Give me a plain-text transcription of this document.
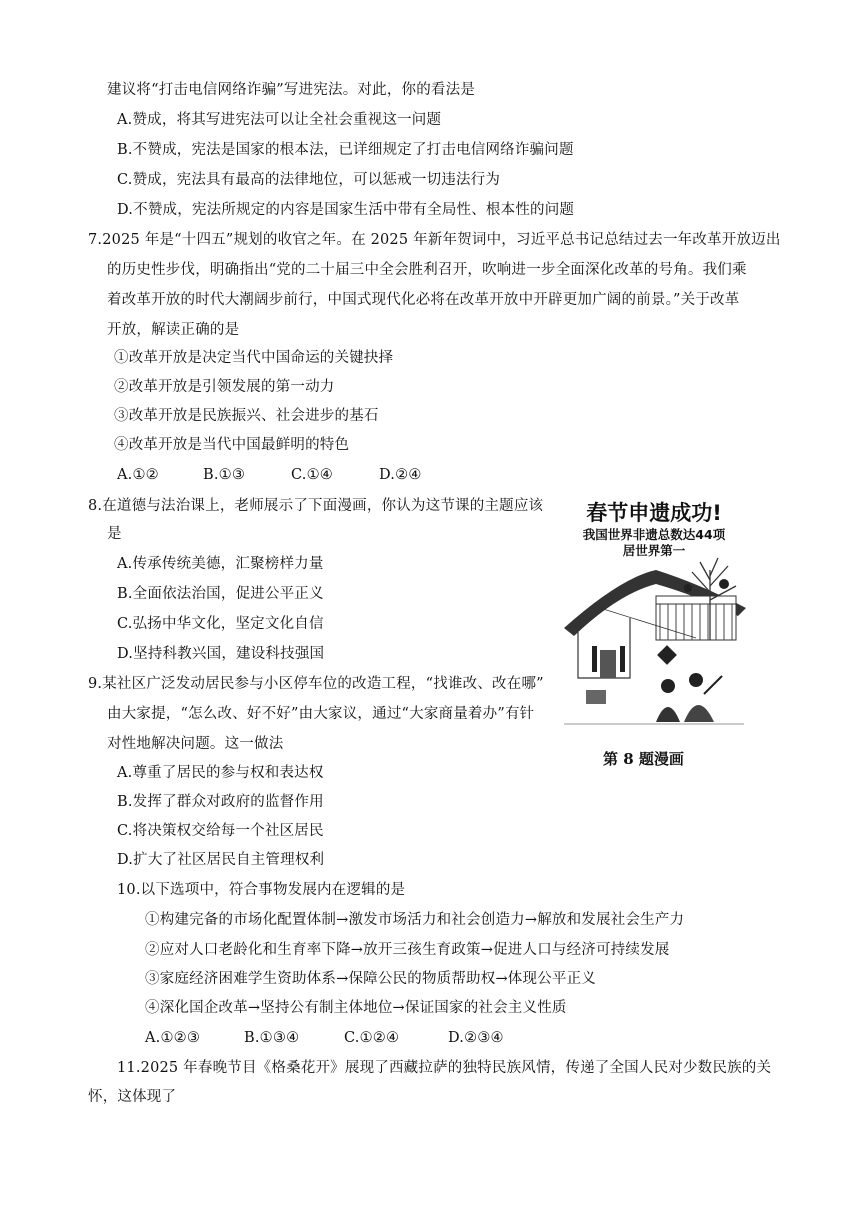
建议将“打击电信网络诈骗”写进宪法。对此，你的看法是
A.赞成，将其写进宪法可以让全社会重视这一问题
B.不赞成，宪法是国家的根本法，已详细规定了打击电信网络诈骗问题
C.赞成，宪法具有最高的法律地位，可以惩戒一切违法行为
D.不赞成，宪法所规定的内容是国家生活中带有全局性、根本性的问题
7.2025 年是“十四五”规划的收官之年。在 2025 年新年贺词中，习近平总书记总结过去一年改革开放迈出
的历史性步伐，明确指出“党的二十届三中全会胜利召开，吹响进一步全面深化改革的号角。我们乘
着改革开放的时代大潮阔步前行，中国式现代化必将在改革开放中开辟更加广阔的前景。”关于改革
开放，解读正确的是
①改革开放是决定当代中国命运的关键抉择
②改革开放是引领发展的第一动力
③改革开放是民族振兴、社会进步的基石
④改革开放是当代中国最鲜明的特色
A.①②	B.①③	C.①④	D.②④
8.在道德与法治课上，老师展示了下面漫画，你认为这节课的主题应该
是
A.传承传统美德，汇聚榜样力量
B.全面依法治国，促进公平正义
C.弘扬中华文化，坚定文化自信
D.坚持科教兴国，建设科技强国
春节申遗成功!
我国世界非遗总数达44项
居世界第一
第 8 题漫画
9.某社区广泛发动居民参与小区停车位的改造工程，“找谁改、改在哪”
由大家提，“怎么改、好不好”由大家议，通过“大家商量着办”有针
对性地解决问题。这一做法
A.尊重了居民的参与权和表达权
B.发挥了群众对政府的监督作用
C.将决策权交给每一个社区居民
D.扩大了社区居民自主管理权利
10.以下选项中，符合事物发展内在逻辑的是
①构建完备的市场化配置体制→激发市场活力和社会创造力→解放和发展社会生产力
②应对人口老龄化和生育率下降→放开三孩生育政策→促进人口与经济可持续发展
③家庭经济困难学生资助体系→保障公民的物质帮助权→体现公平正义
④深化国企改革→坚持公有制主体地位→保证国家的社会主义性质
A.①②③	B.①③④	C.①②④	D.②③④
11.2025 年春晚节目《格桑花开》展现了西藏拉萨的独特民族风情，传递了全国人民对少数民族的关
怀，这体现了
